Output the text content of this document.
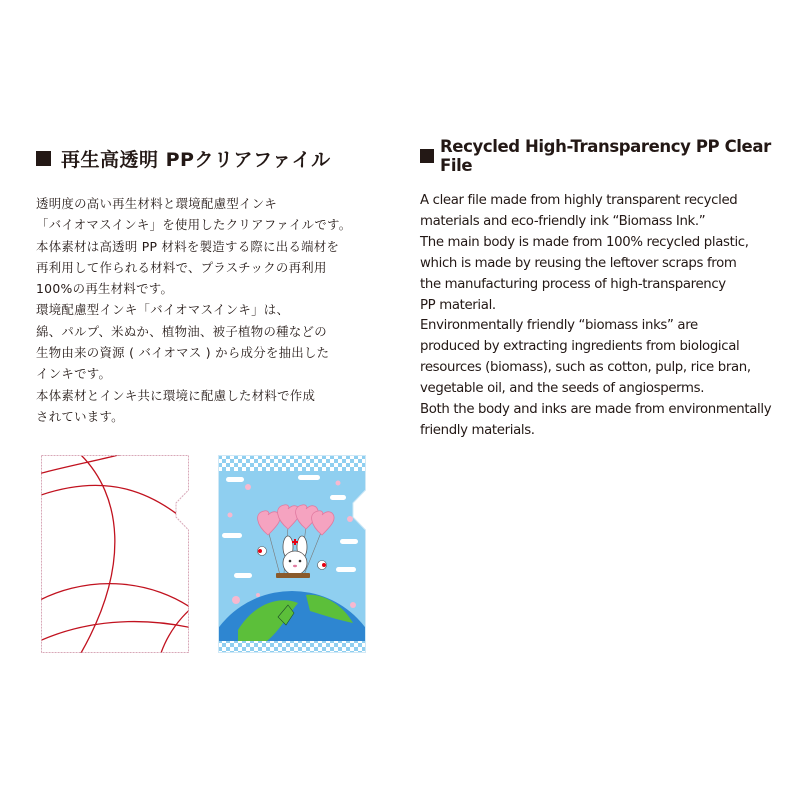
再生高透明 PPクリアファイル
透明度の高い再生材料と環境配慮型インキ
「バイオマスインキ」を使用したクリアファイルです。
本体素材は高透明 PP 材料を製造する際に出る端材を
再利用して作られる材料で、プラスチックの再利用
100%の再生材料です。
環境配慮型インキ「バイオマスインキ」は、
綿、パルプ、米ぬか、植物油、被子植物の種などの
生物由来の資源 ( バイオマス ) から成分を抽出した
インキです。
本体素材とインキ共に環境に配慮した材料で作成
されています。
Recycled High-Transparency PP Clear File
A clear file made from highly transparent recycled
materials and eco-friendly ink “Biomass Ink.”
The main body is made from 100% recycled plastic,
which is made by reusing the leftover scraps from
the manufacturing process of high-transparency
PP material.
Environmentally friendly “biomass inks” are
produced by extracting ingredients from biological
resources (biomass), such as cotton, pulp, rice bran,
vegetable oil, and the seeds of angiosperms.
Both the body and inks are made from environmentally
friendly materials.
